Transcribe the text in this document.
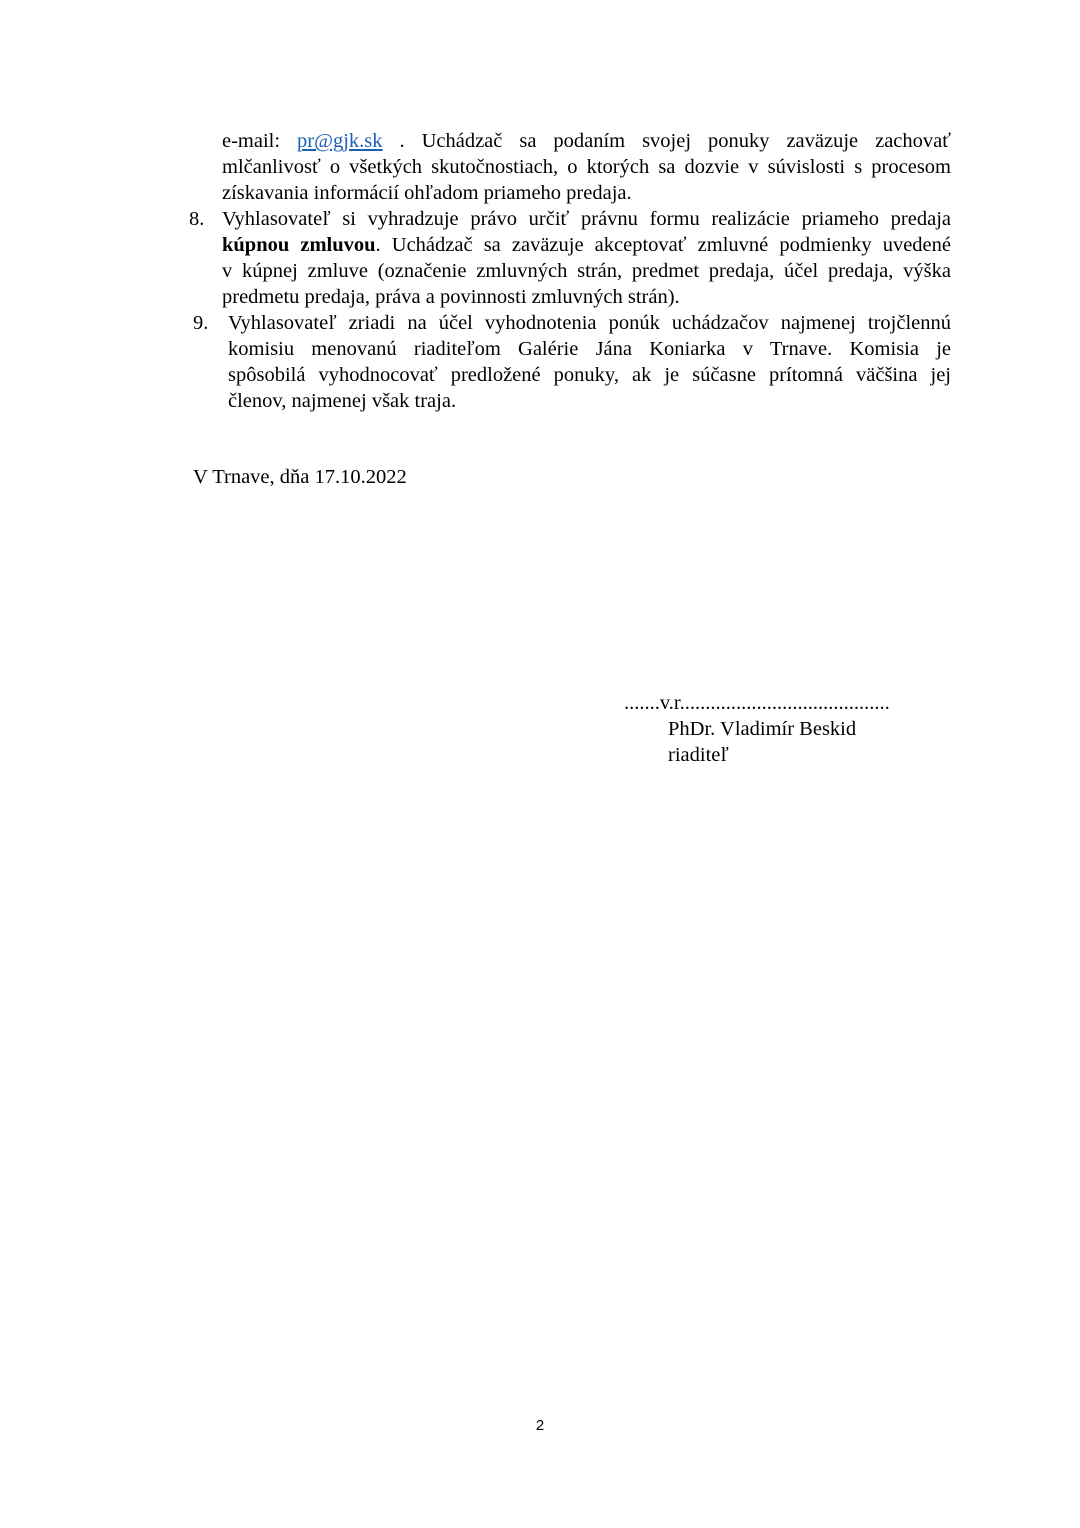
e-mail: pr@gjk.sk . Uchádzač sa podaním svojej ponuky zaväzuje zachovať
mlčanlivosť o všetkých skutočnostiach, o ktorých sa dozvie v súvislosti s procesom
získavania informácií ohľadom priameho predaja.
8. Vyhlasovateľ si vyhradzuje právo určiť právnu formu realizácie priameho predaja
kúpnou zmluvou. Uchádzač sa zaväzuje akceptovať zmluvné podmienky uvedené
v kúpnej zmluve (označenie zmluvných strán, predmet predaja, účel predaja, výška
predmetu predaja, práva a povinnosti zmluvných strán).
9. Vyhlasovateľ zriadi na účel vyhodnotenia ponúk uchádzačov najmenej trojčlennú
komisiu menovanú riaditeľom Galérie Jána Koniarka v Trnave. Komisia je
spôsobilá vyhodnocovať predložené ponuky, ak je súčasne prítomná väčšina jej
členov, najmenej však traja.
V Trnave, dňa 17.10.2022
.......v.r.........................................
PhDr. Vladimír Beskid
riaditeľ
2
